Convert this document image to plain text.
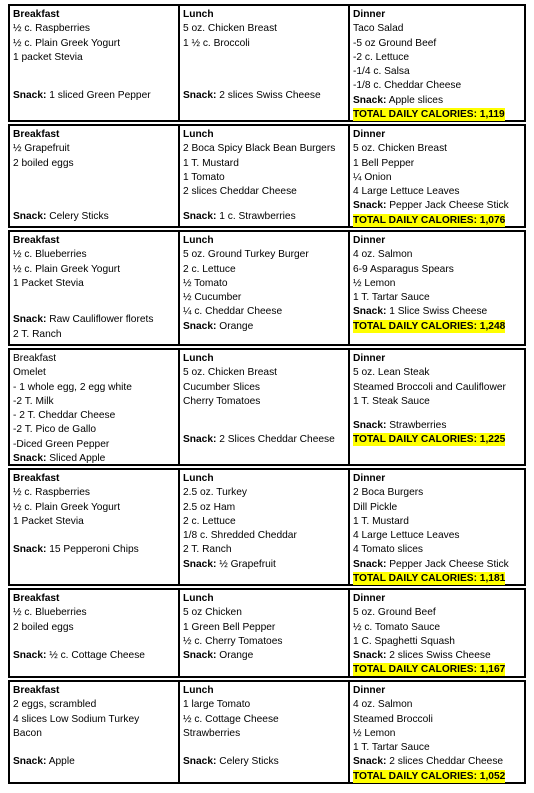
Breakfast
½ c. Raspberries
½ c. Plain Greek Yogurt
1 packet Stevia
Snack: 1 sliced Green Pepper

Lunch
5 oz. Chicken Breast
1 ½ c. Broccoli
Snack: 2 slices Swiss Cheese

Dinner
Taco Salad
-5 oz Ground Beef
-2 c. Lettuce
-1/4 c. Salsa
-1/8 c. Cheddar Cheese
Snack: Apple slices
TOTAL DAILY CALORIES: 1,119
Breakfast
½ Grapefruit
2 boiled eggs
Snack: Celery Sticks
Lunch
2 Boca Spicy Black Bean Burgers
1 T. Mustard
1 Tomato
2 slices Cheddar Cheese
Snack: 1 c. Strawberries
Dinner
5 oz. Chicken Breast
1 Bell Pepper
¼ Onion
4 Large Lettuce Leaves
Snack: Pepper Jack Cheese Stick
TOTAL DAILY CALORIES: 1,076
Breakfast
½ c. Blueberries
½ c. Plain Greek Yogurt
1 Packet Stevia
Snack: Raw Cauliflower florets
2 T. Ranch
Lunch
5 oz. Ground Turkey Burger
2 c. Lettuce
½ Tomato
½ Cucumber
¼ c. Cheddar Cheese
Snack: Orange
Dinner
4 oz. Salmon
6-9 Asparagus Spears
½ Lemon
1 T. Tartar Sauce
Snack: 1 Slice Swiss Cheese
TOTAL DAILY CALORIES: 1,248
Breakfast
Omelet
- 1 whole egg, 2 egg white
-2 T. Milk
- 2 T. Cheddar Cheese
-2 T. Pico de Gallo
-Diced Green Pepper
Snack: Sliced Apple
Lunch
5 oz. Chicken Breast
Cucumber Slices
Cherry Tomatoes
Snack: 2 Slices Cheddar Cheese

Dinner
5 oz. Lean Steak
Steamed Broccoli and Cauliflower
1 T. Steak Sauce
Snack: Strawberries
TOTAL DAILY CALORIES: 1,225

Breakfast
½ c. Raspberries
½ c. Plain Greek Yogurt
1 Packet Stevia

Snack: 15 Pepperoni Chips
Lunch
2.5 oz. Turkey
2.5 oz Ham
2 c. Lettuce
1/8 c. Shredded Cheddar
2 T. Ranch
Snack: ½ Grapefruit
Dinner
2 Boca Burgers
Dill Pickle
1 T. Mustard
4 Large Lettuce Leaves
4 Tomato slices
Snack: Pepper Jack Cheese Stick
TOTAL DAILY CALORIES: 1,181
Breakfast
½ c. Blueberries
2 boiled eggs

Snack: ½ c. Cottage Cheese
Lunch
5 oz Chicken
1 Green Bell Pepper
½ c. Cherry Tomatoes
Snack: Orange
Dinner
5 oz. Ground Beef
½ c. Tomato Sauce
1 C. Spaghetti Squash
Snack: 2 slices Swiss Cheese
TOTAL DAILY CALORIES: 1,167
Breakfast
2 eggs, scrambled
4 slices Low Sodium Turkey
Bacon

Snack: Apple
Lunch
1 large Tomato
½ c. Cottage Cheese
Strawberries

Snack: Celery Sticks
Dinner
4 oz. Salmon
Steamed Broccoli
½ Lemon
1 T. Tartar Sauce
Snack: 2 slices Cheddar Cheese
TOTAL DAILY CALORIES: 1,052
